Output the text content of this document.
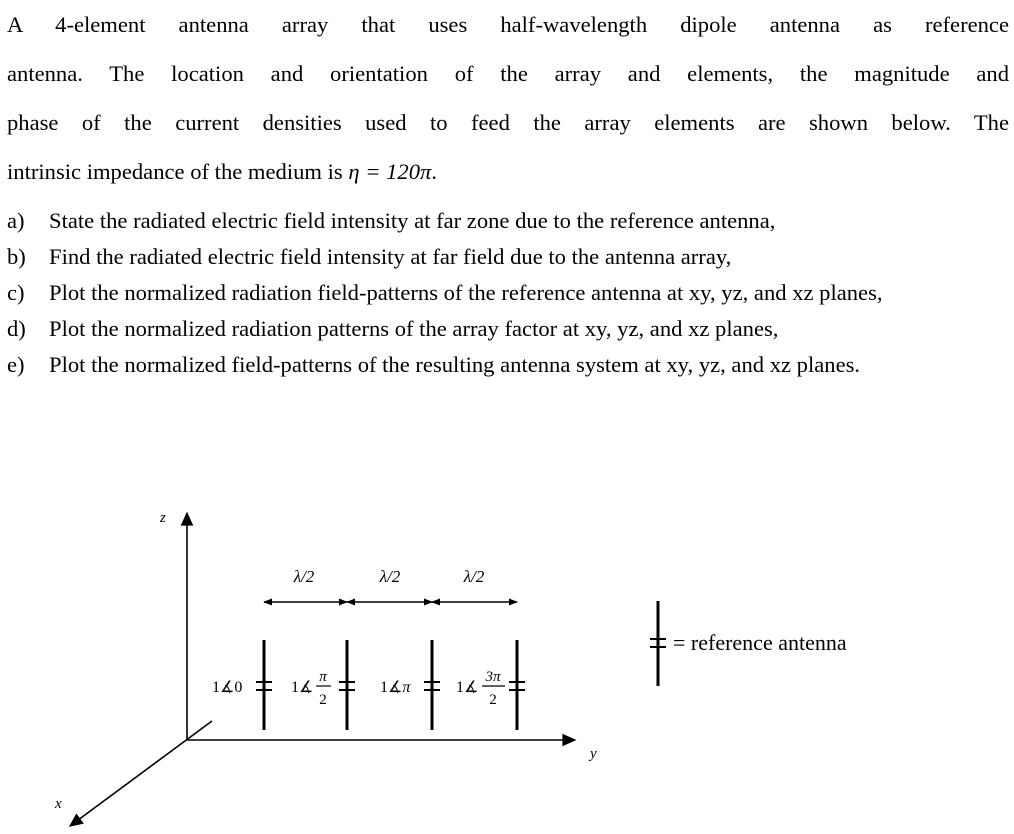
A 4-element antenna array that uses half-wavelength dipole antenna as reference
antenna. The location and orientation of the array and elements, the magnitude and
phase of the current densities used to feed the array elements are shown below. The
intrinsic impedance of the medium is η = 120π.
a)	State the radiated electric field intensity at far zone due to the reference antenna,
b)	Find the radiated electric field intensity at far field due to the antenna array,
c)	Plot the normalized radiation field-patterns of the reference antenna at xy, yz, and xz planes,
d)	Plot the normalized radiation patterns of the array factor at xy, yz, and xz planes,
e)	Plot the normalized field-patterns of the resulting antenna system at xy, yz, and xz planes.
z
y
x
λ/2	λ/2	λ/2
1∡0	1∡
π
2
1∡π	1∡
3π
2
= reference antenna
